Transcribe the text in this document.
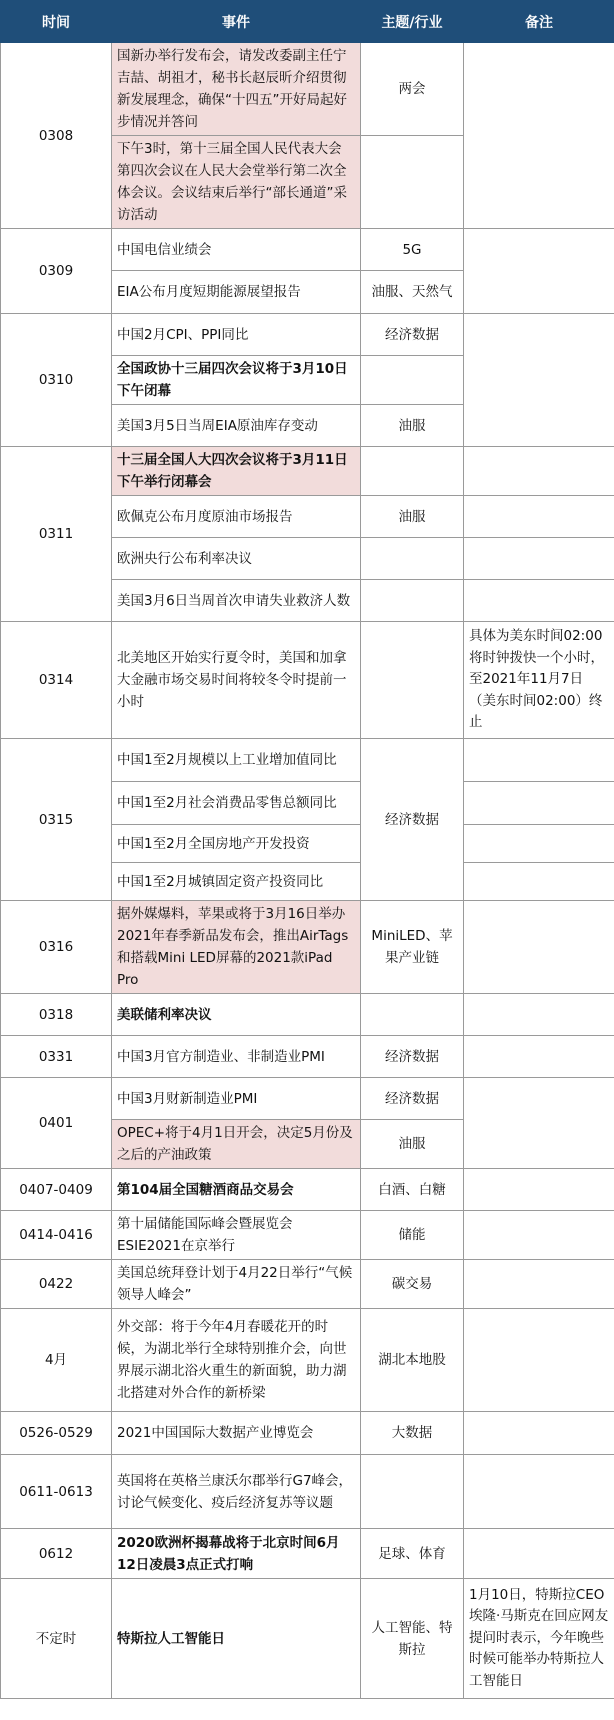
时间	事件	主题/行业	备注
0308	国新办举行发布会，请发改委副主任宁吉喆、胡祖才，秘书长赵辰昕介绍贯彻新发展理念，确保“十四五”开好局起好步情况并答问	两会	
	下午3时，第十三届全国人民代表大会第四次会议在人民大会堂举行第二次全体会议。会议结束后举行“部长通道”采访活动		
0309	中国电信业绩会	5G	
	EIA公布月度短期能源展望报告	油服、天然气	
0310	中国2月CPI、PPI同比	经济数据	
	全国政协十三届四次会议将于3月10日下午闭幕		
	美国3月5日当周EIA原油库存变动	油服	
0311	十三届全国人大四次会议将于3月11日下午举行闭幕会		
	欧佩克公布月度原油市场报告	油服	
	欧洲央行公布利率决议		
	美国3月6日当周首次申请失业救济人数		
0314	北美地区开始实行夏令时，美国和加拿大金融市场交易时间将较冬令时提前一小时		具体为美东时间02:00将时钟拨快一个小时，至2021年11月7日（美东时间02:00）终止
0315	中国1至2月规模以上工业增加值同比	经济数据	
	中国1至2月社会消费品零售总额同比		
	中国1至2月全国房地产开发投资		
	中国1至2月城镇固定资产投资同比		
0316	据外媒爆料，苹果或将于3月16日举办2021年春季新品发布会，推出AirTags和搭载Mini LED屏幕的2021款iPad Pro	MiniLED、苹果产业链	
0318	美联储利率决议		
0331	中国3月官方制造业、非制造业PMI	经济数据	
0401	中国3月财新制造业PMI	经济数据	
	OPEC+将于4月1日开会，决定5月份及之后的产油政策	油服	
0407-0409	第104届全国糖酒商品交易会	白酒、白糖	
0414-0416	第十届储能国际峰会暨展览会ESIE2021在京举行	储能	
0422	美国总统拜登计划于4月22日举行“气候领导人峰会”	碳交易	
4月	外交部：将于今年4月春暖花开的时候，为湖北举行全球特别推介会，向世界展示湖北浴火重生的新面貌，助力湖北搭建对外合作的新桥梁	湖北本地股	
0526-0529	2021中国国际大数据产业博览会	大数据	
0611-0613	英国将在英格兰康沃尔郡举行G7峰会，讨论气候变化、疫后经济复苏等议题		
0612	2020欧洲杯揭幕战将于北京时间6月12日凌晨3点正式打响	足球、体育	
不定时	特斯拉人工智能日	人工智能、特斯拉	1月10日，特斯拉CEO埃隆·马斯克在回应网友提问时表示，今年晚些时候可能举办特斯拉人工智能日
